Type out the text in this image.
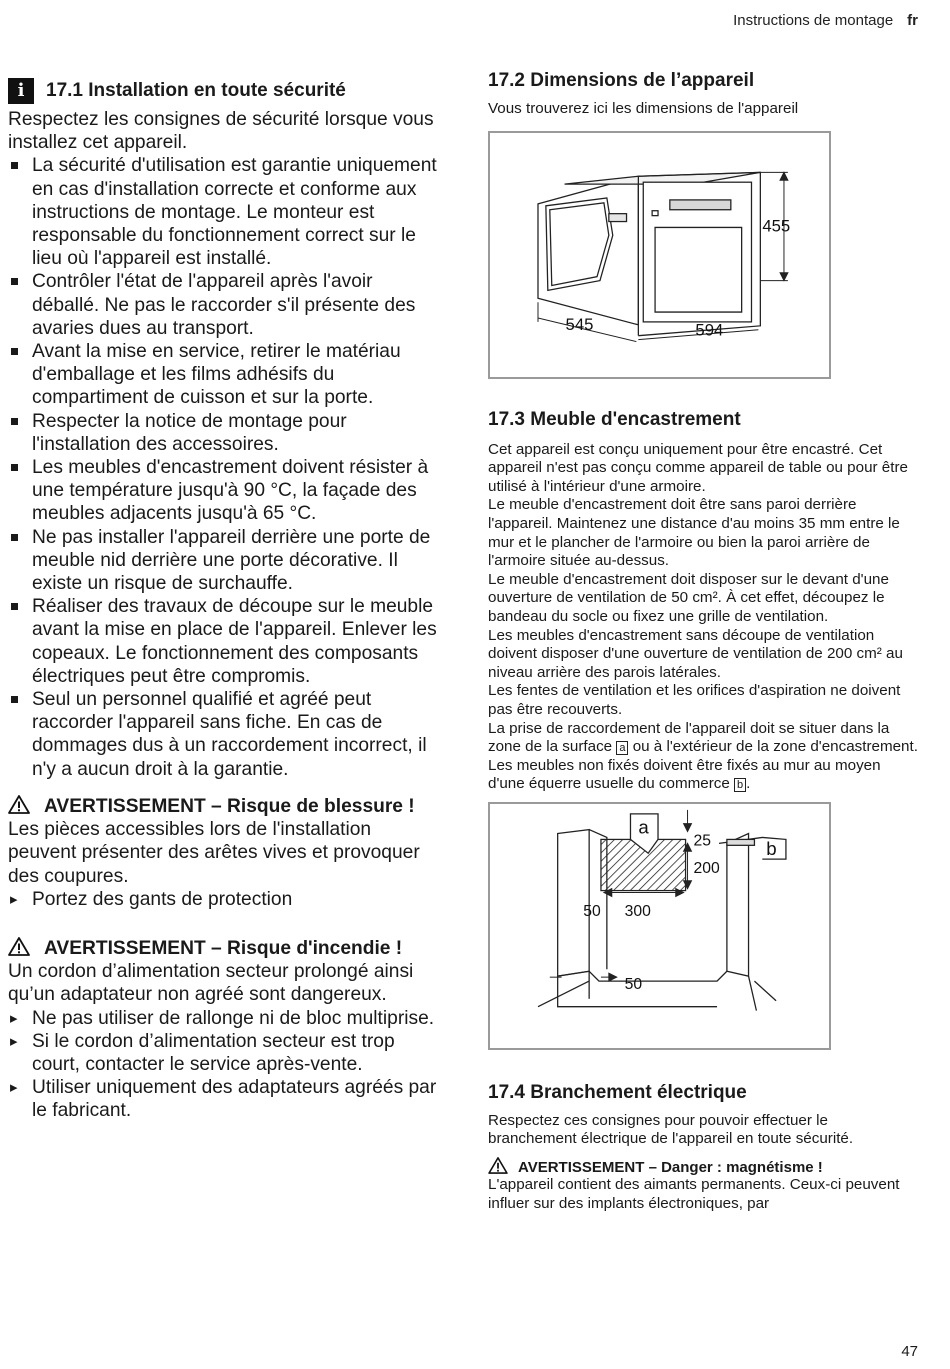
Instructions de montage fr
i	17.1 Installation en toute sécurité

Respectez les consignes de sécurité lorsque vous installez cet appareil.

La sécurité d'utilisation est garantie uniquement en cas d'installation correcte et conforme aux instructions de montage. Le monteur est responsable du fonctionnement correct sur le lieu où l'appareil est installé.
Contrôler l'état de l'appareil après l'avoir déballé. Ne pas le raccorder s'il présente des avaries dues au transport.
Avant la mise en service, retirer le matériau d'emballage et les films adhésifs du compartiment de cuisson et sur la porte.
Respecter la notice de montage pour l'installation des accessoires.
Les meubles d'encastrement doivent résister à une température jusqu'à 90 °C, la façade des meubles adjacents jusqu'à 65 °C.
Ne pas installer l'appareil derrière une porte de meuble nid derrière une porte décorative. Il existe un risque de surchauffe.
Réaliser des travaux de découpe sur le meuble avant la mise en place de l'appareil. Enlever les copeaux. Le fonctionnement des composants électriques peut être compromis.
Seul un personnel qualifié et agréé peut raccorder l'appareil sans fiche. En cas de dommages dus à un raccordement incorrect, il n'y a aucun droit à la garantie.
AVERTISSEMENT – Risque de blessure !

Les pièces accessibles lors de l'installation peuvent présenter des arêtes vives et provoquer des coupures.

▸ Portez des gants de protection
AVERTISSEMENT – Risque d'incendie !

Un cordon d’alimentation secteur prolongé ainsi qu’un adaptateur non agréé sont dangereux.

▸ Ne pas utiliser de rallonge ni de bloc multiprise.
▸ Si le cordon d’alimentation secteur est trop court, contacter le service après-vente.
▸ Utiliser uniquement des adaptateurs agréés par le fabricant.
17.2 Dimensions de l’appareil

Vous trouverez ici les dimensions de l'appareil

455
545	594
17.3 Meuble d'encastrement

Cet appareil est conçu uniquement pour être encastré. Cet appareil n'est pas conçu comme appareil de table ou pour être utilisé à l'intérieur d'une armoire.

Le meuble d'encastrement doit être sans paroi derrière l'appareil. Maintenez une distance d'au moins 35 mm entre le mur et le plancher de l'armoire ou bien la paroi arrière de l'armoire située au-dessus.

Le meuble d'encastrement doit disposer sur le devant d'une ouverture de ventilation de 50 cm². À cet effet, découpez le bandeau du socle ou fixez une grille de ventilation.

Les meubles d'encastrement sans découpe de ventilation doivent disposer d'une ouverture de ventilation de 200 cm² au niveau arrière des parois latérales.

Les fentes de ventilation et les orifices d'aspiration ne doivent pas être recouverts.

La prise de raccordement de l'appareil doit se situer dans la zone de la surface a ou à l'extérieur de la zone d'encastrement.

Les meubles non fixés doivent être fixés au mur au moyen d'une équerre usuelle du commerce b .

a
b
25
200
50 300
50
17.4 Branchement électrique

Respectez ces consignes pour pouvoir effectuer le branchement électrique de l'appareil en toute sécurité.

AVERTISSEMENT – Danger : magnétisme !

L'appareil contient des aimants permanents. Ceux-ci peuvent influer sur des implants électroniques, par

47
